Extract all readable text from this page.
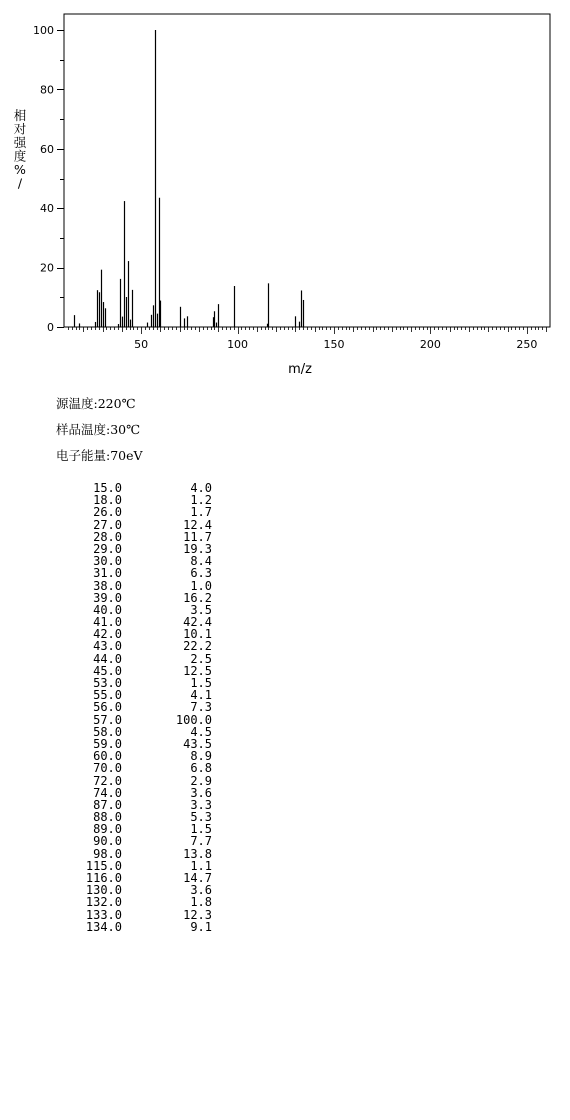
0
20
40
60
80
100
50	100	150	200	250
m/z
相对强度% /
源温度:220℃
样品温度:30℃
电子能量:70eV
15.0	4.0
18.0	1.2
26.0	1.7
27.0	12.4
28.0	11.7
29.0	19.3
30.0	8.4
31.0	6.3
38.0	1.0
39.0	16.2
40.0	3.5
41.0	42.4
42.0	10.1
43.0	22.2
44.0	2.5
45.0	12.5
53.0	1.5
55.0	4.1
56.0	7.3
57.0	100.0
58.0	4.5
59.0	43.5
60.0	8.9
70.0	6.8
72.0	2.9
74.0	3.6
87.0	3.3
88.0	5.3
89.0	1.5
90.0	7.7
98.0	13.8
115.0	1.1
116.0	14.7
130.0	3.6
132.0	1.8
133.0	12.3
134.0	9.1
